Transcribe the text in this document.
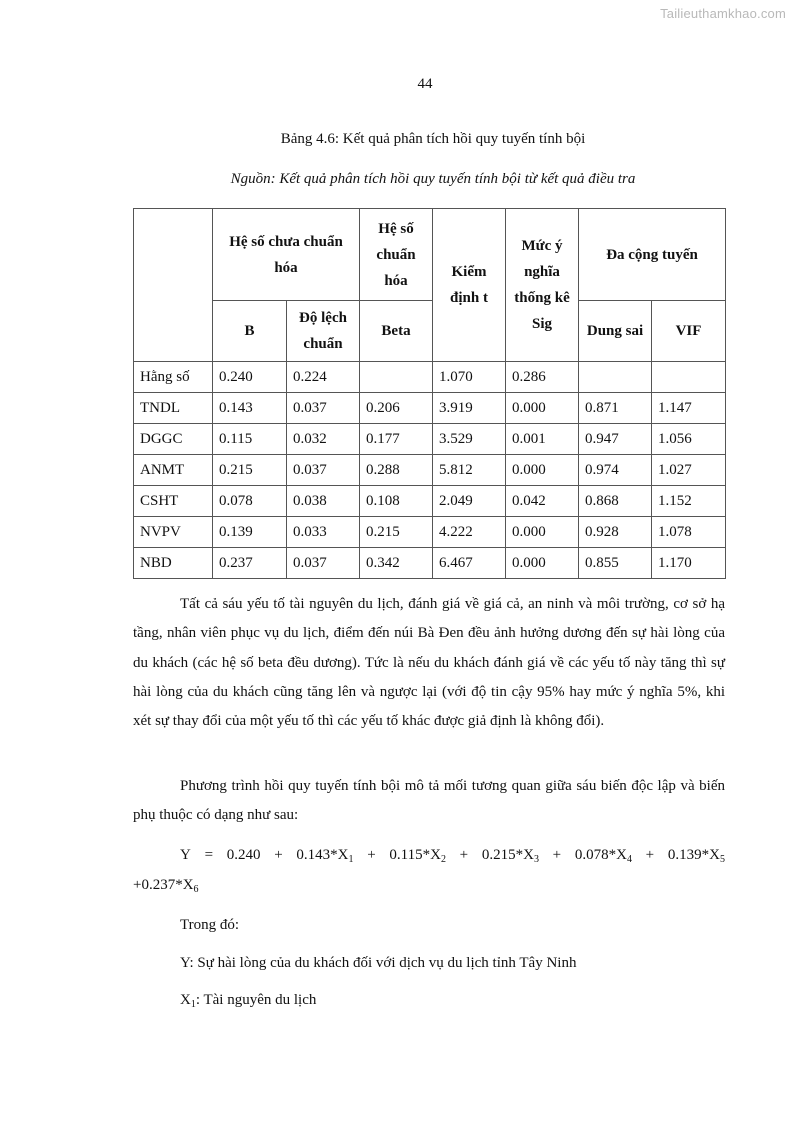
Tailieuthamkhao.com
44
Bảng 4.6: Kết quả phân tích hồi quy tuyến tính bội
Nguồn: Kết quả phân tích hồi quy tuyến tính bội từ kết quả điều tra
	Hệ số chưa chuẩn hóa		Hệ số chuẩn hóa	Kiểm định t	Mức ý nghĩa thống kê Sig	Đa cộng tuyến	
	B	Độ lệch chuẩn	Beta			Dung sai	VIF
Hằng số	0.240	0.224		1.070	0.286		
TNDL	0.143	0.037	0.206	3.919	0.000	0.871	1.147
DGGC	0.115	0.032	0.177	3.529	0.001	0.947	1.056
ANMT	0.215	0.037	0.288	5.812	0.000	0.974	1.027
CSHT	0.078	0.038	0.108	2.049	0.042	0.868	1.152
NVPV	0.139	0.033	0.215	4.222	0.000	0.928	1.078
NBD	0.237	0.037	0.342	6.467	0.000	0.855	1.170
Tất cả sáu yếu tố tài nguyên du lịch, đánh giá về giá cả, an ninh và môi trường, cơ sở hạ tầng, nhân viên phục vụ du lịch, điểm đến núi Bà Đen đều ảnh hưởng dương đến sự hài lòng của du khách (các hệ số beta đều dương). Tức là nếu du khách đánh giá về các yếu tố này tăng thì sự hài lòng của du khách cũng tăng lên và ngược lại (với độ tin cậy 95% hay mức ý nghĩa 5%, khi xét sự thay đổi của một yếu tố thì các yếu tố khác được giả định là không đổi).
Phương trình hồi quy tuyến tính bội mô tả mối tương quan giữa sáu biến độc lập và biến phụ thuộc có dạng như sau:
$Y = 0.240 + 0.143*X_1 + 0.115*X_2 + 0.215*X_3 + 0.078*X_4 + 0.139*X_5$
$+0.237*X_6$
Trong đó:
Y: Sự hài lòng của du khách đối với dịch vụ du lịch tỉnh Tây Ninh
$X_1$: Tài nguyên du lịch
